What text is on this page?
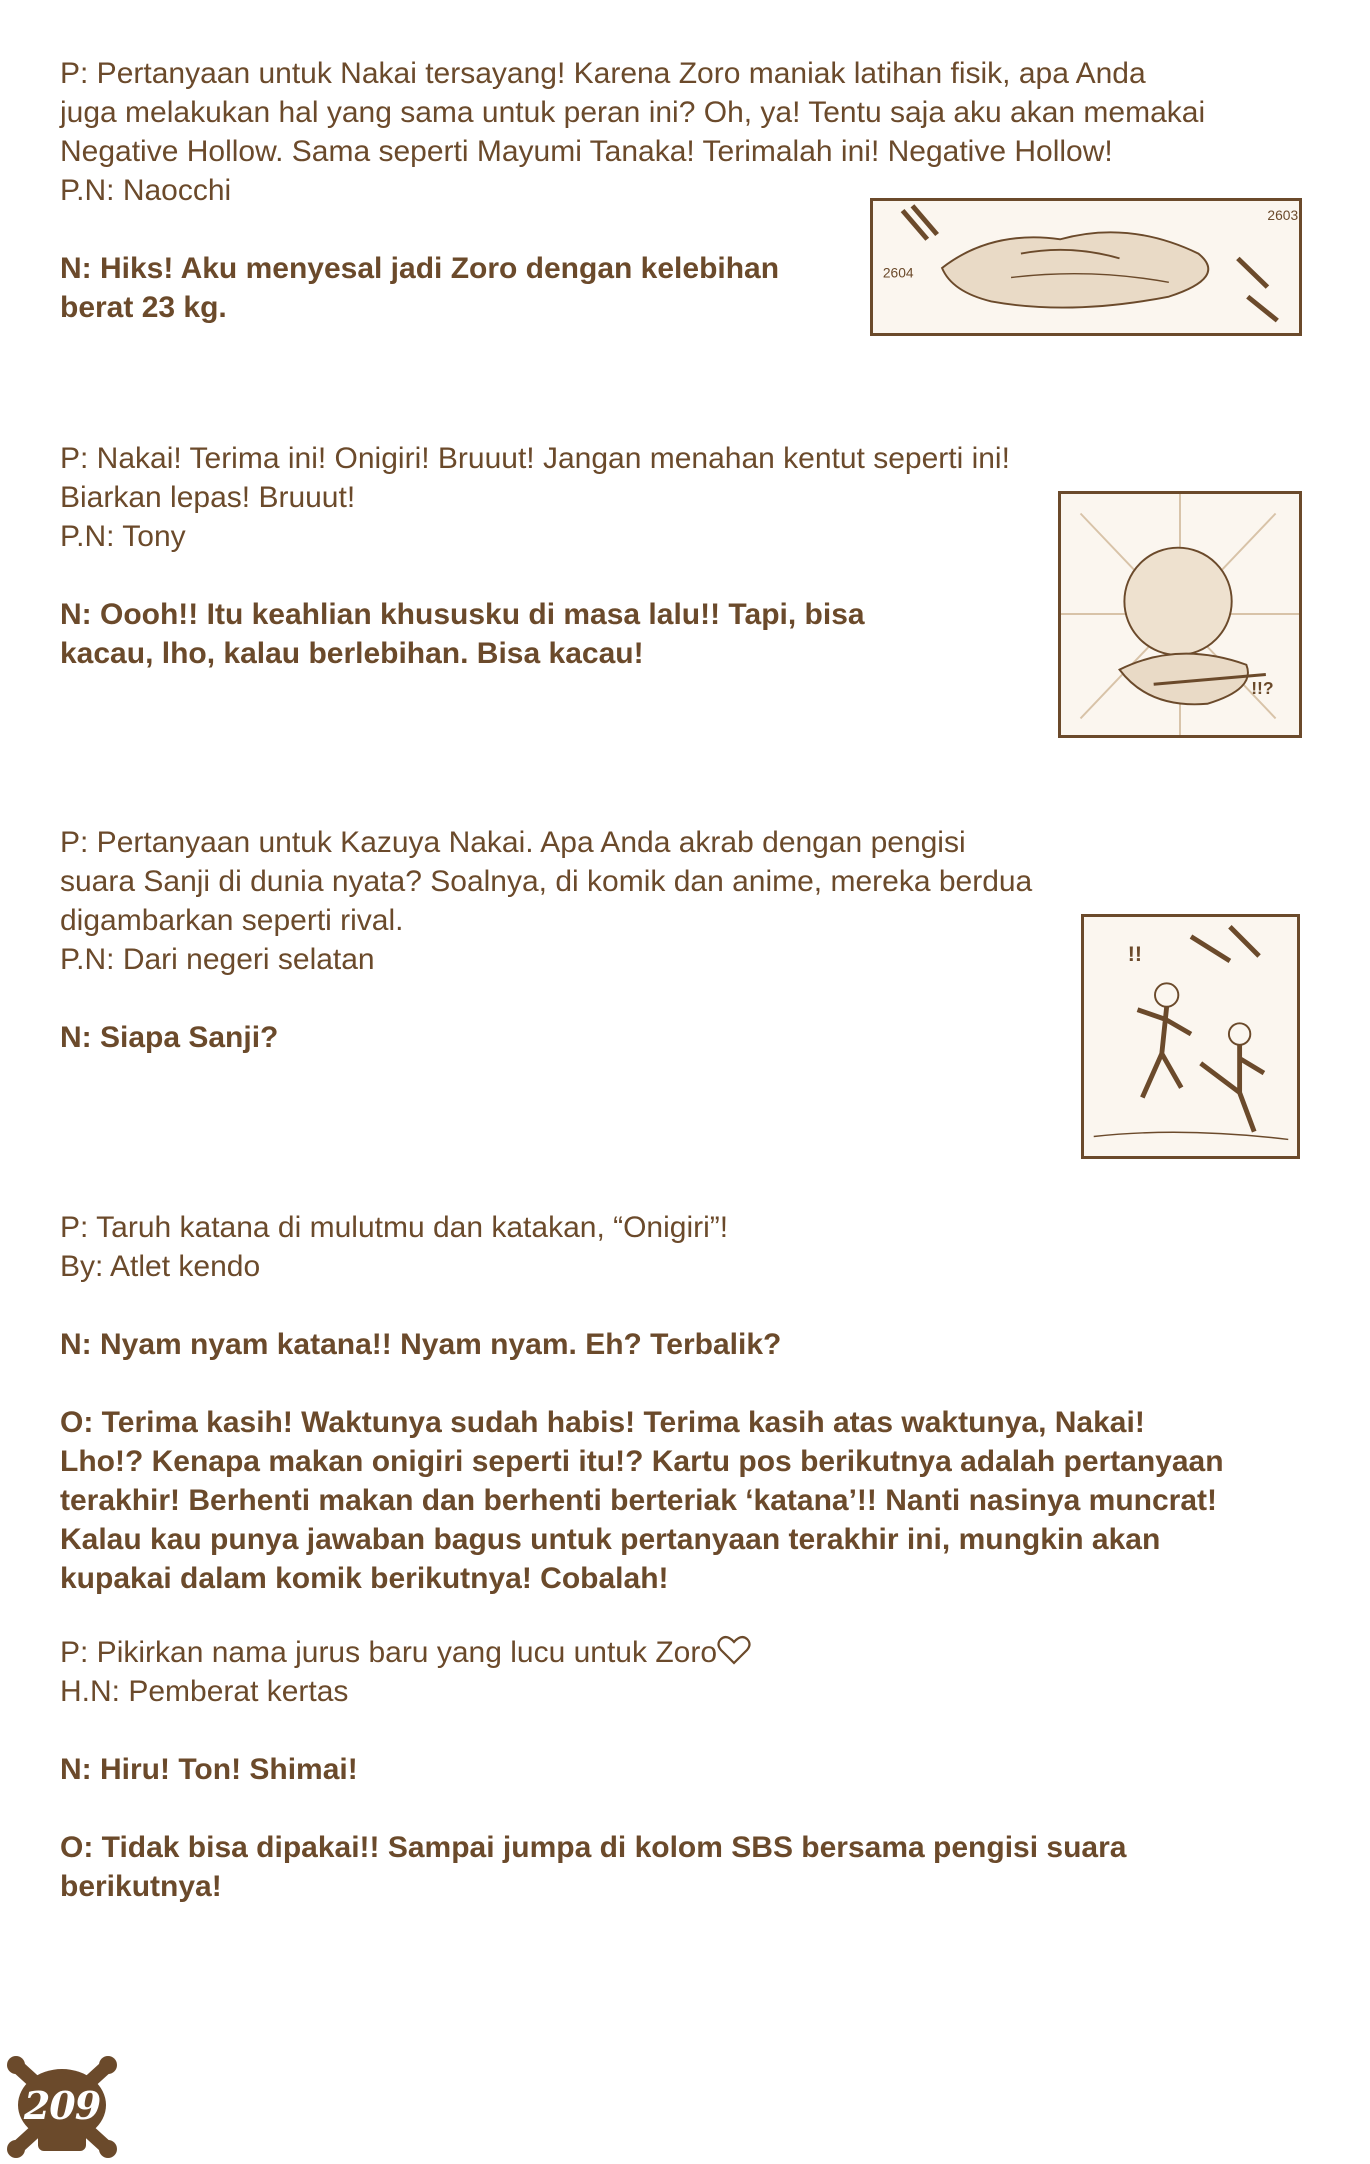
P: Pertanyaan untuk Nakai tersayang! Karena Zoro maniak latihan fisik, apa Anda

juga melakukan hal yang sama untuk peran ini? Oh, ya! Tentu saja aku akan memakai

Negative Hollow. Sama seperti Mayumi Tanaka! Terimalah ini! Negative Hollow!

P.N: Naocchi

N: Hiks! Aku menyesal jadi Zoro dengan kelebihan

berat 23 kg.

2604
2603

P: Nakai! Terima ini! Onigiri! Bruuut! Jangan menahan kentut seperti ini!

Biarkan lepas! Bruuut!

P.N: Tony

N: Oooh!! Itu keahlian khususku di masa lalu!! Tapi, bisa

kacau, lho, kalau berlebihan. Bisa kacau!

!!?

P: Pertanyaan untuk Kazuya Nakai. Apa Anda akrab dengan pengisi

suara Sanji di dunia nyata? Soalnya, di komik dan anime, mereka berdua

digambarkan seperti rival.

P.N: Dari negeri selatan

N: Siapa Sanji?

!!

P: Taruh katana di mulutmu dan katakan, “Onigiri”!

By: Atlet kendo

N: Nyam nyam katana!! Nyam nyam. Eh? Terbalik?

O: Terima kasih! Waktunya sudah habis! Terima kasih atas waktunya, Nakai!

Lho!? Kenapa makan onigiri seperti itu!? Kartu pos berikutnya adalah pertanyaan

terakhir! Berhenti makan dan berhenti berteriak ‘katana’!! Nanti nasinya muncrat!

Kalau kau punya jawaban bagus untuk pertanyaan terakhir ini, mungkin akan

kupakai dalam komik berikutnya! Cobalah!

P: Pikirkan nama jurus baru yang lucu untuk Zoro

H.N: Pemberat kertas

N: Hiru! Ton! Shimai!

O: Tidak bisa dipakai!! Sampai jumpa di kolom SBS bersama pengisi suara

berikutnya!

209
